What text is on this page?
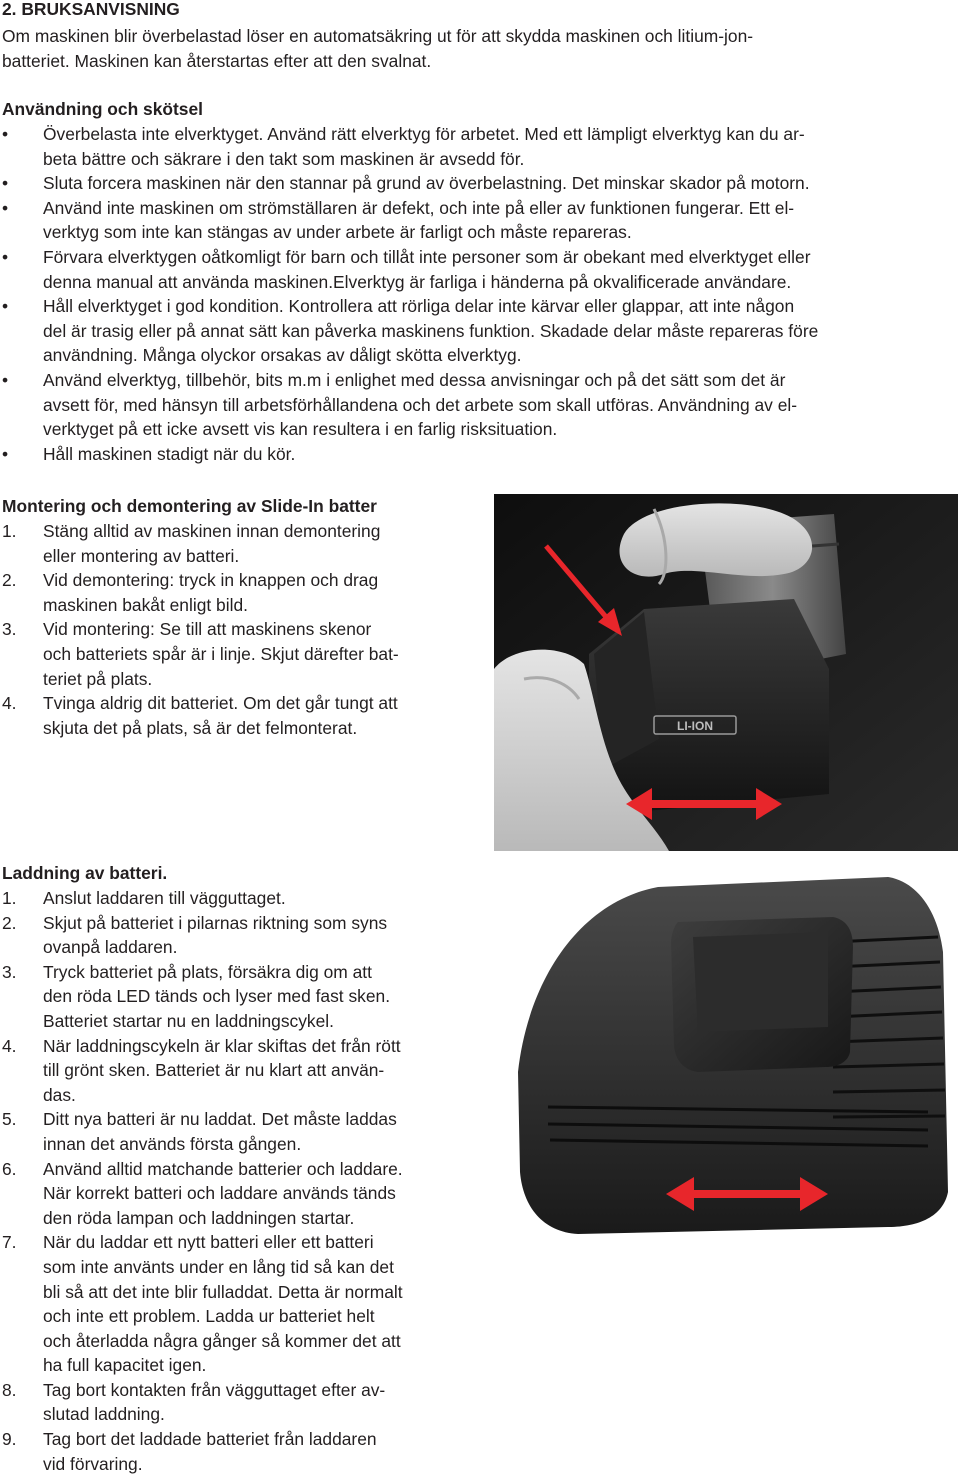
2. BRUKSANVISNING
Om maskinen blir överbelastad löser en automatsäkring ut för att skydda maskinen och litium-jon-
batteriet. Maskinen kan återstartas efter att den svalnat.
Användning och skötsel
•	Överbelasta inte elverktyget. Använd rätt elverktyg för arbetet. Med ett lämpligt elverktyg kan du ar-
beta bättre och säkrare i den takt som maskinen är avsedd för.
•	Sluta forcera maskinen när den stannar på grund av överbelastning. Det minskar skador på motorn.
•	Använd inte maskinen om strömställaren är defekt, och inte på eller av funktionen fungerar. Ett el-
verktyg som inte kan stängas av under arbete är farligt och måste repareras.
•	Förvara elverktygen oåtkomligt för barn och tillåt inte personer som är obekant med elverktyget eller
denna manual att använda maskinen.Elverktyg är farliga i händerna på okvalificerade användare.
•	Håll elverktyget i god kondition. Kontrollera att rörliga delar inte kärvar eller glappar, att inte någon
del är trasig eller på annat sätt kan påverka maskinens funktion. Skadade delar måste repareras före
användning. Många olyckor orsakas av dåligt skötta elverktyg.
•	Använd elverktyg, tillbehör, bits m.m i enlighet med dessa anvisningar och på det sätt som det är
avsett för, med hänsyn till arbetsförhållandena och det arbete som skall utföras. Användning av el-
verktyget på ett icke avsett vis kan resultera i en farlig risksituation.
•	Håll maskinen stadigt när du kör.
Montering och demontering av Slide-In batter
1.	Stäng alltid av maskinen innan demontering
eller montering av batteri.
2.	Vid demontering: tryck in knappen och drag
maskinen bakåt enligt bild.
3.	Vid montering: Se till att maskinens skenor
och batteriets spår är i linje. Skjut därefter bat-
teriet på plats.
4.	Tvinga aldrig dit batteriet. Om det går tungt att
skjuta det på plats, så är det felmonterat.	LI-ION
Laddning av batteri.
1.	Anslut laddaren till vägguttaget.
2.	Skjut på batteriet i pilarnas riktning som syns
ovanpå laddaren.
3.	Tryck batteriet på plats, försäkra dig om att
den röda LED tänds och lyser med fast sken.
Batteriet startar nu en laddningscykel.
4.	När laddningscykeln är klar skiftas det från rött
till grönt sken. Batteriet är nu klart att använ-
das.
5.	Ditt nya batteri är nu laddat. Det måste laddas
innan det används första gången.
6.	Använd alltid matchande batterier och laddare.
När korrekt batteri och laddare används tänds
den röda lampan och laddningen startar.
7.	När du laddar ett nytt batteri eller ett batteri
som inte använts under en lång tid så kan det
bli så att det inte blir fulladdat. Detta är normalt
och inte ett problem. Ladda ur batteriet helt
och återladda några gånger så kommer det att
ha full kapacitet igen.
8.	Tag bort kontakten från vägguttaget efter av-
slutad laddning.
9.	Tag bort det laddade batteriet från laddaren
vid förvaring.
